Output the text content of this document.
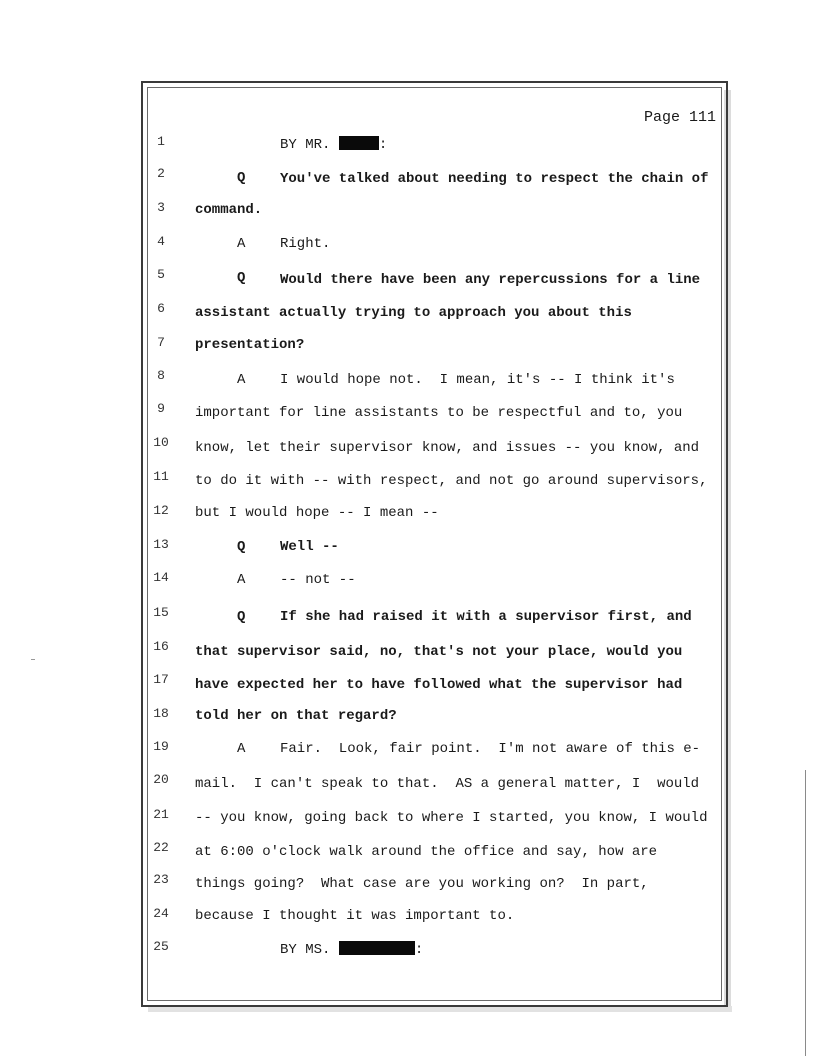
Page 111
1	BY MR.	:
2	Q You've talked about needing to respect the chain of
3	command.
4	A Right.
5	Q Would there have been any repercussions for a line
6	assistant actually trying to approach you about this
7	presentation?
8	A I would hope not.  I mean, it's -- I think it's
9	important for line assistants to be respectful and to, you
10 know, let their supervisor know, and issues -- you know, and
11 to do it with -- with respect, and not go around supervisors,
12 but I would hope -- I mean --
13	Q Well --
14	A -- not --
15	Q If she had raised it with a supervisor first, and
16 that supervisor said, no, that's not your place, would you
17 have expected her to have followed what the supervisor had
18 told her on that regard?
19	A Fair.  Look, fair point.  I'm not aware of this e-
20 mail.  I can't speak to that.  AS a general matter, I  would
21 -- you know, going back to where I started, you know, I would
22 at 6:00 o'clock walk around the office and say, how are
23 things going?  What case are you working on?  In part,
24 because I thought it was important to.
25	BY MS.	:
